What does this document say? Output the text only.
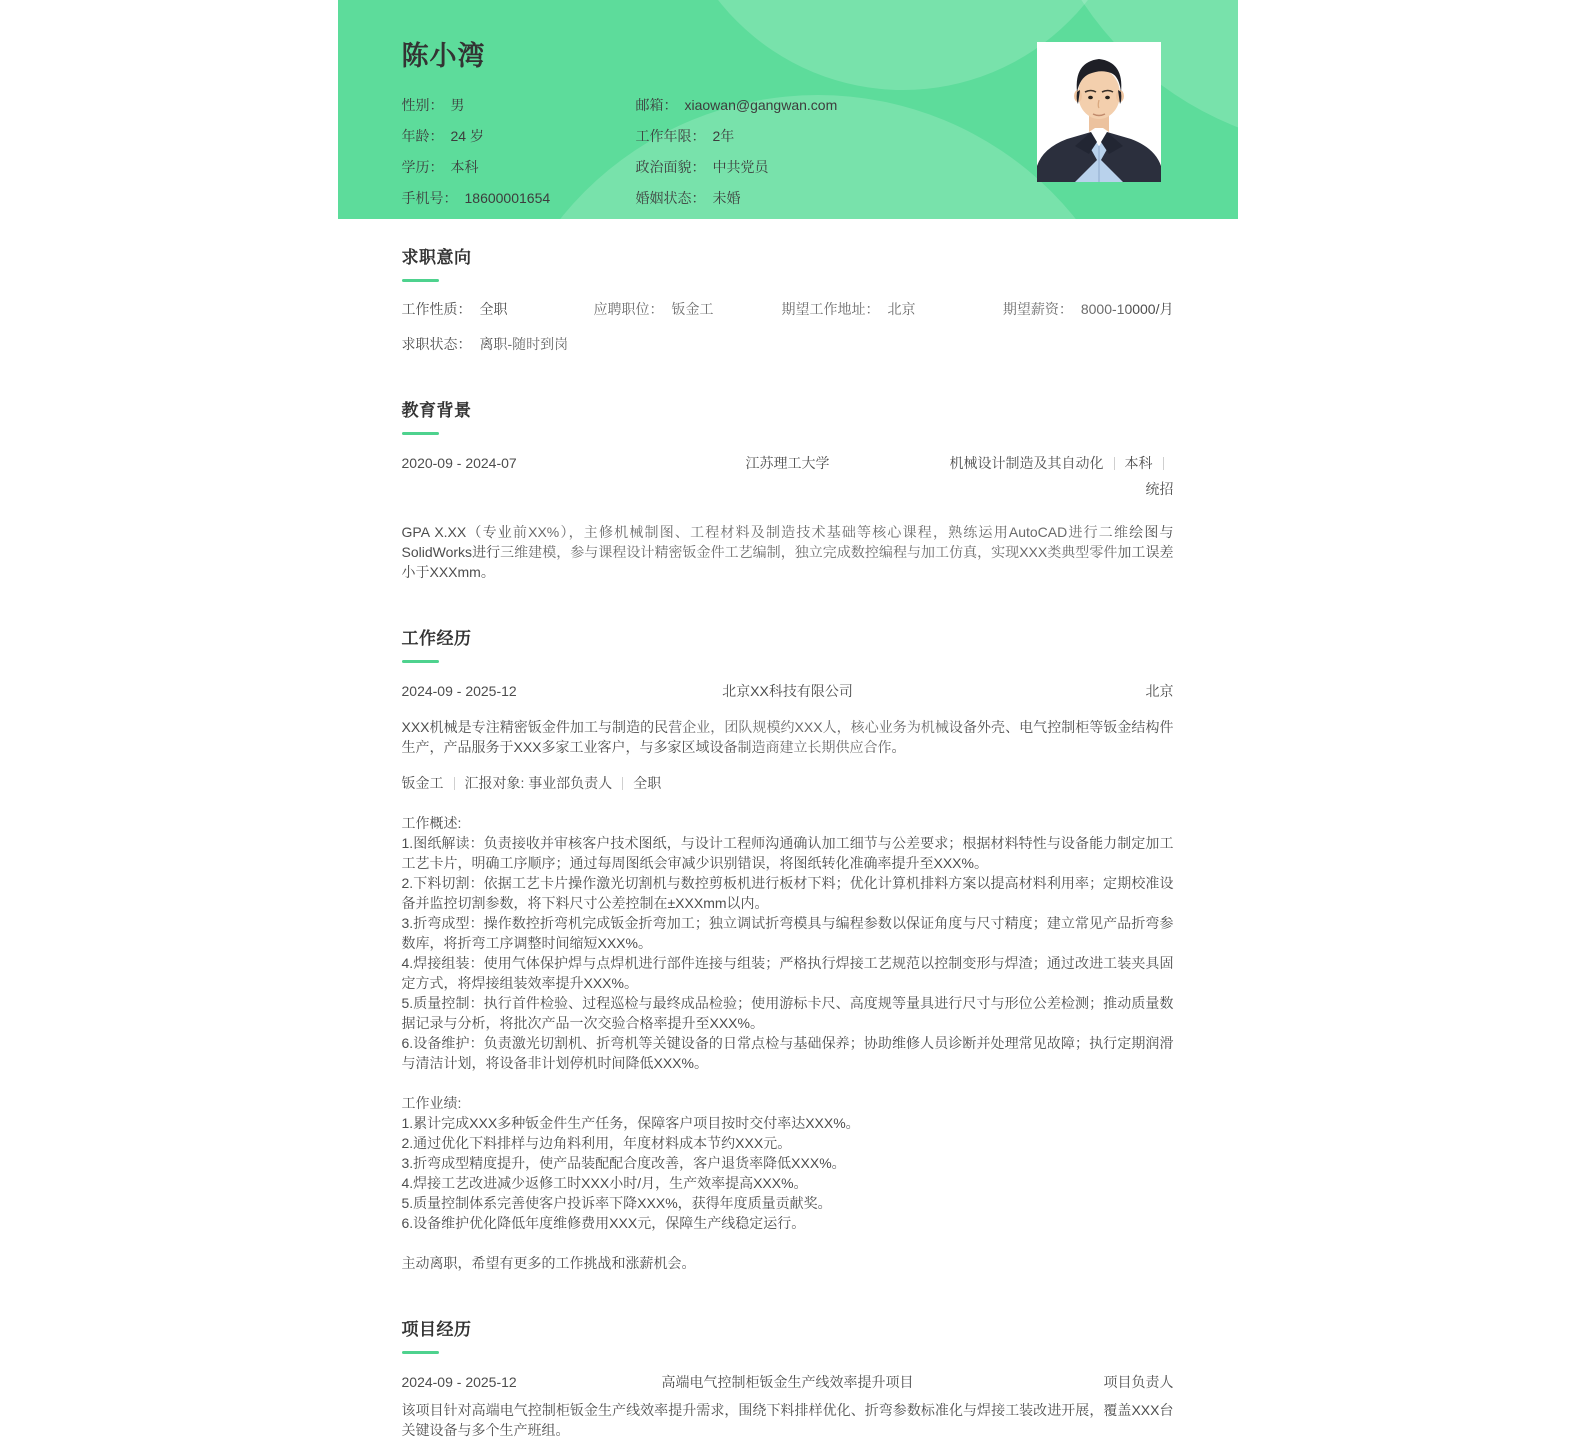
陈小湾
性别： 男
年龄： 24 岁
学历： 本科
手机号： 18600001654
邮箱： xiaowan@gangwan.com
工作年限： 2年
政治面貌： 中共党员
婚姻状态： 未婚
求职意向
工作性质： 全职	应聘职位： 钣金工	期望工作地址： 北京	期望薪资： 8000-10000/月
求职状态： 离职-随时到岗
教育背景
2020-09 - 2024-07	江苏理工大学	机械设计制造及其自动化 本科
统招

GPA X.XX（专业前XX%），主修机械制图、工程材料及制造技术基础等核心课程，熟练运用AutoCAD进行二维绘图与SolidWorks进行三维建模，参与课程设计精密钣金件工艺编制，独立完成数控编程与加工仿真，实现XXX类典型零件加工误差小于XXXmm。

工作经历
2024-09 - 2025-12	北京XX科技有限公司	北京

XXX机械是专注精密钣金件加工与制造的民营企业，团队规模约XXX人，核心业务为机械设备外壳、电气控制柜等钣金结构件生产，产品服务于XXX多家工业客户，与多家区域设备制造商建立长期供应合作。

钣金工 汇报对象: 事业部负责人 全职

工作概述:

1.图纸解读：负责接收并审核客户技术图纸，与设计工程师沟通确认加工细节与公差要求；根据材料特性与设备能力制定加工工艺卡片，明确工序顺序；通过每周图纸会审减少识别错误，将图纸转化准确率提升至XXX%。

2.下料切割：依据工艺卡片操作激光切割机与数控剪板机进行板材下料；优化计算机排料方案以提高材料利用率；定期校准设备并监控切割参数，将下料尺寸公差控制在±XXXmm以内。

3.折弯成型：操作数控折弯机完成钣金折弯加工；独立调试折弯模具与编程参数以保证角度与尺寸精度；建立常见产品折弯参数库，将折弯工序调整时间缩短XXX%。

4.焊接组装：使用气体保护焊与点焊机进行部件连接与组装；严格执行焊接工艺规范以控制变形与焊渣；通过改进工装夹具固定方式，将焊接组装效率提升XXX%。

5.质量控制：执行首件检验、过程巡检与最终成品检验；使用游标卡尺、高度规等量具进行尺寸与形位公差检测；推动质量数据记录与分析，将批次产品一次交验合格率提升至XXX%。

6.设备维护：负责激光切割机、折弯机等关键设备的日常点检与基础保养；协助维修人员诊断并处理常见故障；执行定期润滑与清洁计划，将设备非计划停机时间降低XXX%。

工作业绩:

1.累计完成XXX多种钣金件生产任务，保障客户项目按时交付率达XXX%。

2.通过优化下料排样与边角料利用，年度材料成本节约XXX元。

3.折弯成型精度提升，使产品装配配合度改善，客户退货率降低XXX%。

4.焊接工艺改进减少返修工时XXX小时/月，生产效率提高XXX%。

5.质量控制体系完善使客户投诉率下降XXX%，获得年度质量贡献奖。

6.设备维护优化降低年度维修费用XXX元，保障生产线稳定运行。

主动离职，希望有更多的工作挑战和涨薪机会。

项目经历
2024-09 - 2025-12	高端电气控制柜钣金生产线效率提升项目	项目负责人

该项目针对高端电气控制柜钣金生产线效率提升需求，围绕下料排样优化、折弯参数标准化与焊接工装改进开展，覆盖XXX台关键设备与多个生产班组。
